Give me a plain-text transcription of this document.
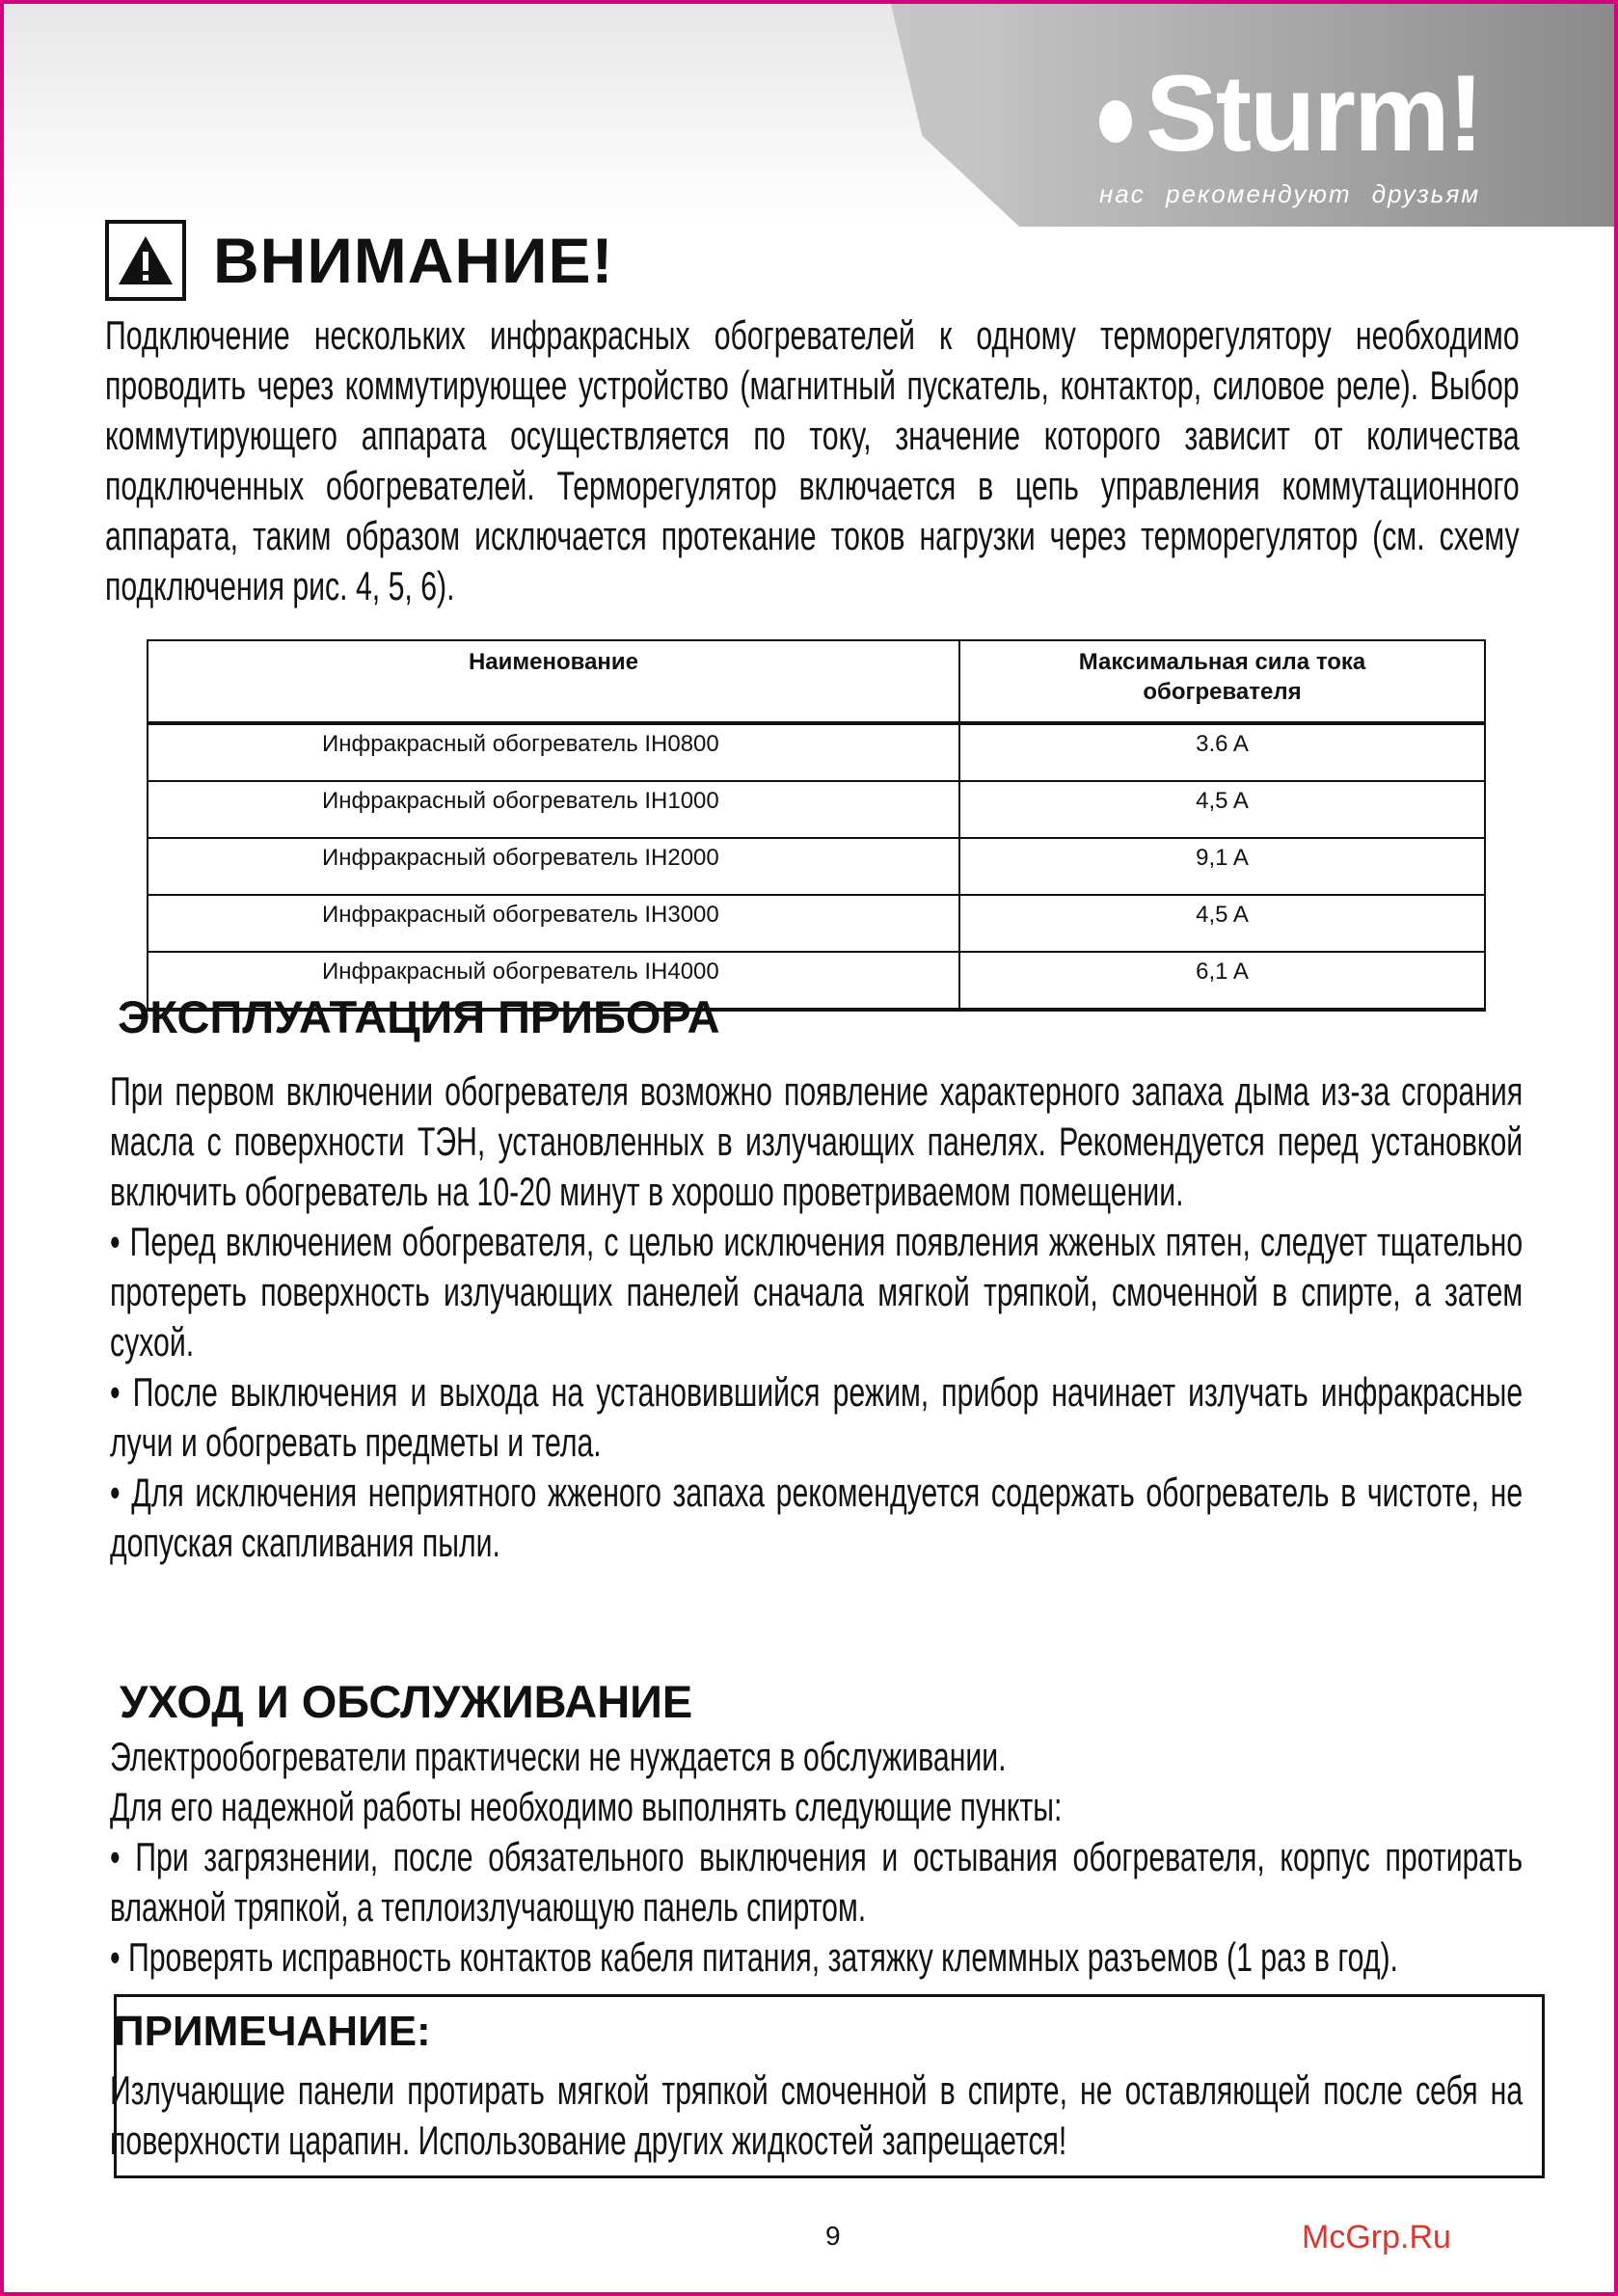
Sturm!
нас рекомендуют друзьям
ВНИМАНИЕ!

Подключение нескольких инфракрасных обогревателей к одному терморегулятору необходимо проводить через коммутирующее устройство (магнитный пускатель, контактор, силовое реле). Выбор коммутирующего аппарата осуществляется по току, значение которого зависит от количества подключенных обогревателей. Терморегулятор включается в цепь управления коммутационного аппарата, таким образом исключается протекание токов нагрузки через терморегулятор (см. схему подключения рис. 4, 5, 6).

Наименование	Максимальная сила тока обогревателя
Инфракрасный обогреватель IH0800	3.6 A
Инфракрасный обогреватель IH1000	4,5 A
Инфракрасный обогреватель IH2000	9,1 A
Инфракрасный обогреватель IH3000	4,5 A
Инфракрасный обогреватель IH4000	6,1 A
ЭКСПЛУАТАЦИЯ ПРИБОРА

При первом включении обогревателя возможно появление характерного запаха дыма из-за сгорания масла с поверхности ТЭН, установленных в излучающих панелях. Рекомендуется перед установкой включить обогреватель на 10-20 минут в хорошо проветриваемом помещении.

• Перед включением обогревателя, с целью исключения появления жженых пятен, следует тщательно протереть поверхность излучающих панелей сначала мягкой тряпкой, смоченной в спирте, а затем сухой.

• После выключения и выхода на установившийся режим, прибор начинает излучать инфракрасные лучи и обогревать предметы и тела.

• Для исключения неприятного жженого запаха рекомендуется содержать обогреватель в чистоте, не допуская скапливания пыли.

УХОД И ОБСЛУЖИВАНИЕ

Электрообогреватели практически не нуждается в обслуживании.

Для его надежной работы необходимо выполнять следующие пункты:

• При загрязнении, после обязательного выключения и остывания обогревателя, корпус протирать влажной тряпкой, а теплоизлучающую панель спиртом.

• Проверять исправность контактов кабеля питания, затяжку клеммных разъемов (1 раз в год).

ПРИМЕЧАНИЕ:

Излучающие панели протирать мягкой тряпкой смоченной в спирте, не оставляющей после себя на поверхности царапин. Использование других жидкостей запрещается!

9	McGrp.Ru
